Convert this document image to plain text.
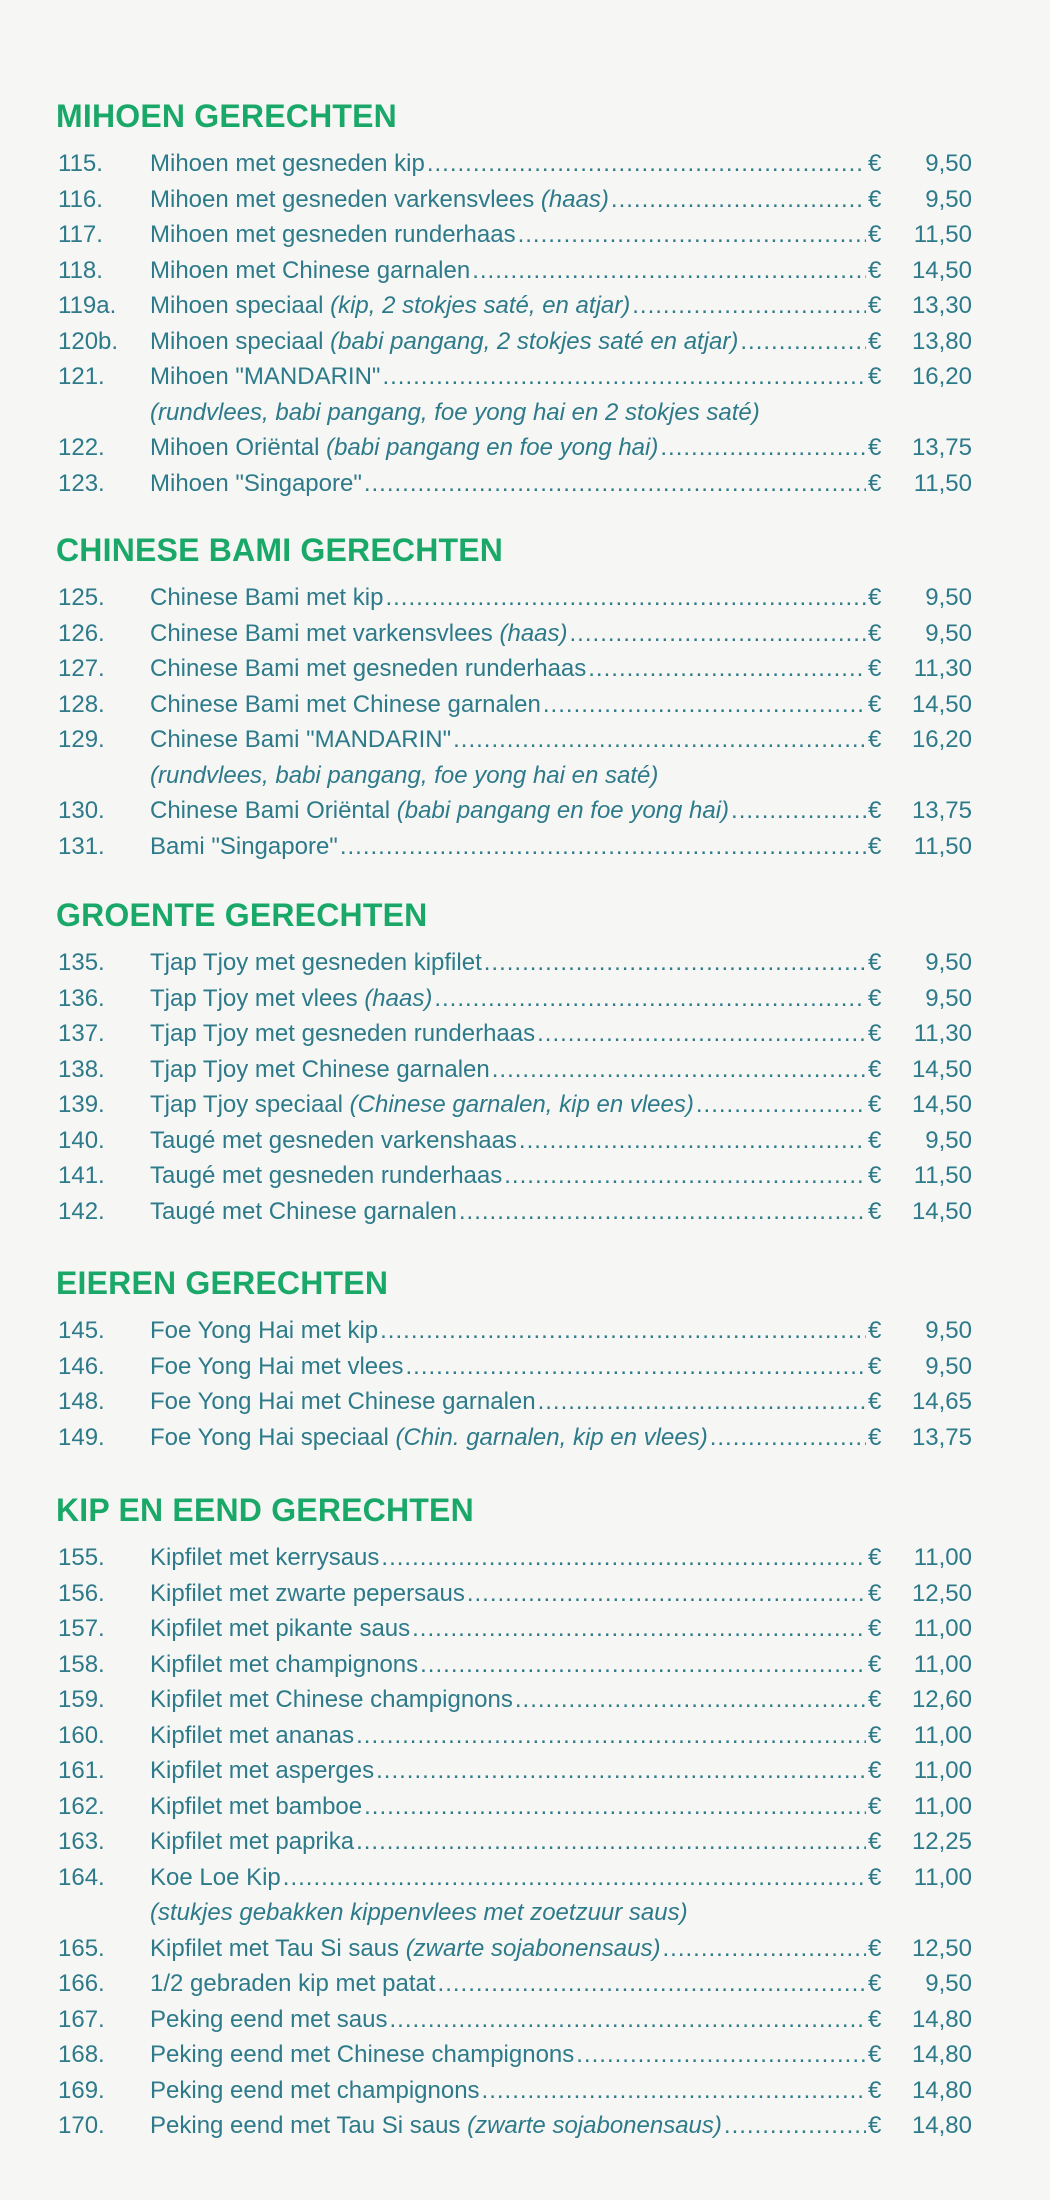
MIHOEN GERECHTEN
115.	Mihoen met gesneden kip .....	€	9,50
116.	Mihoen met gesneden varkensvlees (haas) .....	€	9,50
117.	Mihoen met gesneden runderhaas .....	€	11,50
118.	Mihoen met Chinese garnalen .....	€	14,50
119a.	Mihoen speciaal (kip, 2 stokjes saté, en atjar) .....	€	13,30
120b.	Mihoen speciaal (babi pangang, 2 stokjes saté en atjar) .....	€	13,80
121.	Mihoen "MANDARIN" .....	€	16,20
(rundvlees, babi pangang, foe yong hai en 2 stokjes saté)
122.	Mihoen Oriëntal (babi pangang en foe yong hai) .....	€	13,75
123.	Mihoen "Singapore" .....	€	11,50
CHINESE BAMI GERECHTEN
125.	Chinese Bami met kip .....	€	9,50
126.	Chinese Bami met varkensvlees (haas) .....	€	9,50
127.	Chinese Bami met gesneden runderhaas .....	€	11,30
128.	Chinese Bami met Chinese garnalen .....	€	14,50
129.	Chinese Bami "MANDARIN" .....	€	16,20
(rundvlees, babi pangang, foe yong hai en saté)
130.	Chinese Bami Oriëntal (babi pangang en foe yong hai) .....	€	13,75
131.	Bami "Singapore" .....	€	11,50
GROENTE GERECHTEN
135.	Tjap Tjoy met gesneden kipfilet .....	€	9,50
136.	Tjap Tjoy met vlees (haas) .....	€	9,50
137.	Tjap Tjoy met gesneden runderhaas .....	€	11,30
138.	Tjap Tjoy met Chinese garnalen .....	€	14,50
139.	Tjap Tjoy speciaal (Chinese garnalen, kip en vlees) .....	€	14,50
140.	Taugé met gesneden varkenshaas .....	€	9,50
141.	Taugé met gesneden runderhaas .....	€	11,50
142.	Taugé met Chinese garnalen .....	€	14,50
EIEREN GERECHTEN
145.	Foe Yong Hai met kip .....	€	9,50
146.	Foe Yong Hai met vlees .....	€	9,50
148.	Foe Yong Hai met Chinese garnalen .....	€	14,65
149.	Foe Yong Hai speciaal (Chin. garnalen, kip en vlees) .....	€	13,75
KIP EN EEND GERECHTEN
155.	Kipfilet met kerrysaus .....	€	11,00
156.	Kipfilet met zwarte pepersaus .....	€	12,50
157.	Kipfilet met pikante saus .....	€	11,00
158.	Kipfilet met champignons .....	€	11,00
159.	Kipfilet met Chinese champignons .....	€	12,60
160.	Kipfilet met ananas .....	€	11,00
161.	Kipfilet met asperges .....	€	11,00
162.	Kipfilet met bamboe .....	€	11,00
163.	Kipfilet met paprika .....	€	12,25
164.	Koe Loe Kip .....	€	11,00
(stukjes gebakken kippenvlees met zoetzuur saus)
165.	Kipfilet met Tau Si saus (zwarte sojabonensaus) .....	€	12,50
166.	1/2 gebraden kip met patat .....	€	9,50
167.	Peking eend met saus .....	€	14,80
168.	Peking eend met Chinese champignons .....	€	14,80
169.	Peking eend met champignons .....	€	14,80
170.	Peking eend met Tau Si saus (zwarte sojabonensaus) .....	€	14,80
